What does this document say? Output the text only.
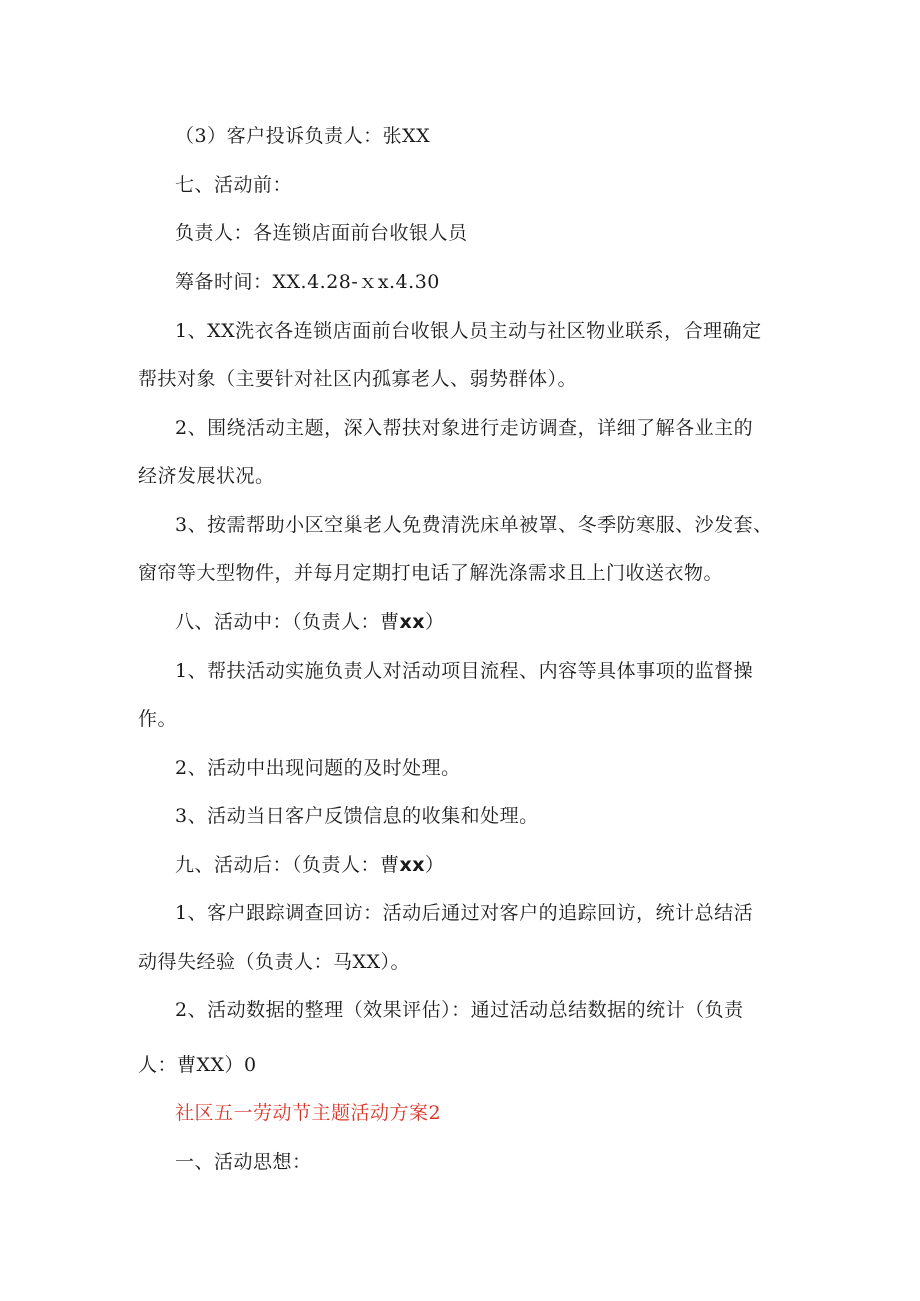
（3）客户投诉负责人：张XX
七、活动前：
负责人：各连锁店面前台收银人员
筹备时间：XX.4.28-ｘx.4.30
1、XX洗衣各连锁店面前台收银人员主动与社区物业联系，合理确定
帮扶对象（主要针对社区内孤寡老人、弱势群体）。
2、围绕活动主题，深入帮扶对象进行走访调查，详细了解各业主的
经济发展状况。
3、按需帮助小区空巢老人免费清洗床单被罩、冬季防寒服、沙发套、
窗帘等大型物件，并每月定期打电话了解洗涤需求且上门收送衣物。
八、活动中：（负责人：曹xx）
1、帮扶活动实施负责人对活动项目流程、内容等具体事项的监督操
作。
2、活动中出现问题的及时处理。
3、活动当日客户反馈信息的收集和处理。
九、活动后：（负责人：曹xx）
1、客户跟踪调查回访：活动后通过对客户的追踪回访，统计总结活
动得失经验（负责人：马XX）。
2、活动数据的整理（效果评估）：通过活动总结数据的统计（负责
人：曹XX）0
社区五一劳动节主题活动方案2
一、活动思想：
